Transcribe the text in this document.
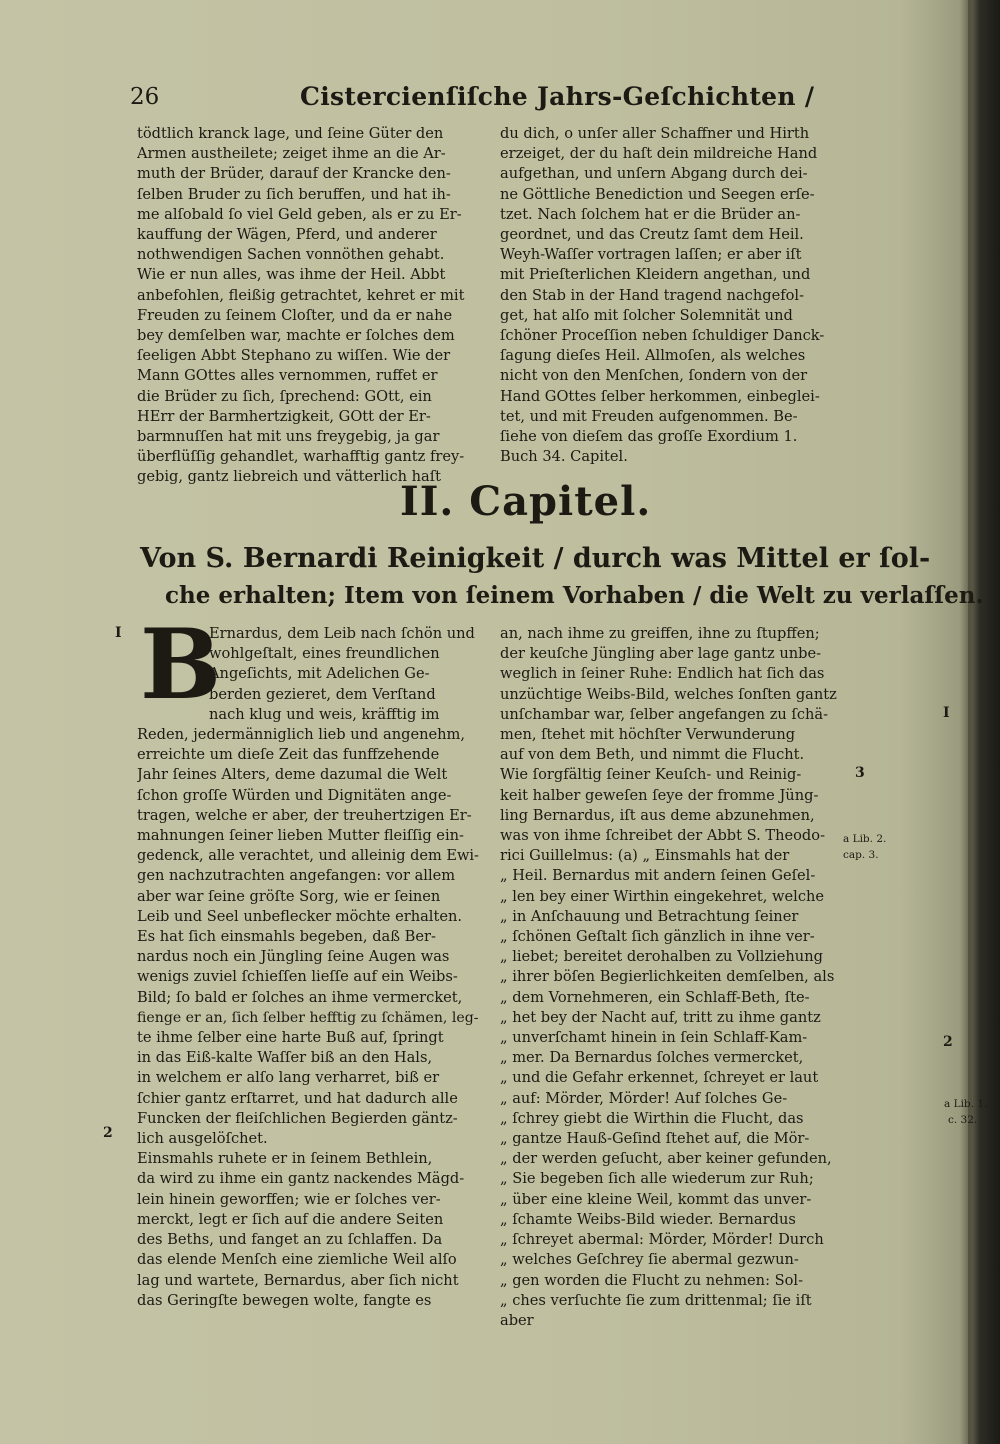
26	Cistercienſiſche Jahrs-Geſchichten /
tödtlich kranck lage, und ſeine Güter den
Armen austheilete; zeiget ihme an die Ar-
muth der Brüder, darauf der Krancke den-
ſelben Bruder zu ſich beruffen, und hat ih-
me alſobald ſo viel Geld geben, als er zu Er-
kauffung der Wägen, Pferd, und anderer
nothwendigen Sachen vonnöthen gehabt.
Wie er nun alles, was ihme der Heil. Abbt
anbefohlen, fleißig getrachtet, kehret er mit
Freuden zu ſeinem Cloſter, und da er nahe
bey demſelben war, machte er ſolches dem
ſeeligen Abbt Stephano zu wiſſen. Wie der
Mann GOttes alles vernommen, ruffet er
die Brüder zu ſich, ſprechend: GOtt, ein
HErr der Barmhertzigkeit, GOtt der Er-
barmnuſſen hat mit uns freygebig, ja gar
überflüſſig gehandlet, warhafftig gantz frey-
gebig, gantz liebreich und vätterlich haſt
du dich, o unſer aller Schaffner und Hirth
erzeiget, der du haſt dein mildreiche Hand
aufgethan, und unſern Abgang durch dei-
ne Göttliche Benediction und Seegen erſe-
tzet. Nach ſolchem hat er die Brüder an-
geordnet, und das Creutz ſamt dem Heil.
Weyh-Waſſer vortragen laſſen; er aber iſt
mit Prieſterlichen Kleidern angethan, und
den Stab in der Hand tragend nachgefol-
get, hat alſo mit ſolcher Solemnität und
ſchöner Proceſſion neben ſchuldiger Danck-
ſagung dieſes Heil. Allmoſen, als welches
nicht von den Menſchen, ſondern von der
Hand GOttes ſelber herkommen, einbeglei-
tet, und mit Freuden aufgenommen. Be-
ſiehe von dieſem das groſſe Exordium 1.
Buch 34. Capitel.
II. Capitel.
Von S. Bernardi Reinigkeit / durch was Mittel er ſol-
che erhalten; Item von ſeinem Vorhaben / die Welt zu verlaſſen.
B
Ernardus, dem Leib nach ſchön und
wohlgeſtalt, eines freundlichen
Angeſichts, mit Adelichen Ge-
berden gezieret, dem Verſtand
nach klug und weis, kräfftig im
Reden, jedermänniglich lieb und angenehm,
erreichte um dieſe Zeit das funffzehende
Jahr ſeines Alters, deme dazumal die Welt
ſchon groſſe Würden und Dignitäten ange-
tragen, welche er aber, der treuhertzigen Er-
mahnungen ſeiner lieben Mutter fleiſſig ein-
gedenck, alle verachtet, und alleinig dem Ewi-
gen nachzutrachten angefangen: vor allem
aber war ſeine gröſte Sorg, wie er ſeinen
Leib und Seel unbeflecker möchte erhalten.
Es hat ſich einsmahls begeben, daß Ber-
nardus noch ein Jüngling ſeine Augen was
wenigs zuviel ſchieſſen lieſſe auf ein Weibs-
Bild; ſo bald er ſolches an ihme vermercket,
fienge er an, ſich ſelber hefftig zu ſchämen, leg-
te ihme ſelber eine harte Buß auf, ſpringt
in das Eiß-kalte Waſſer biß an den Hals,
in welchem er alſo lang verharret, biß er
ſchier gantz erſtarret, und hat dadurch alle
Funcken der fleiſchlichen Begierden gäntz-
lich ausgelöſchet.
Einsmahls ruhete er in ſeinem Bethlein,
da wird zu ihme ein gantz nackendes Mägd-
lein hinein geworffen; wie er ſolches ver-
merckt, legt er ſich auf die andere Seiten
des Beths, und fanget an zu ſchlaffen. Da
das elende Menſch eine ziemliche Weil alſo
lag und wartete, Bernardus, aber ſich nicht
das Geringſte bewegen wolte, fangte es
an, nach ihme zu greiffen, ihne zu ſtupffen;
der keuſche Jüngling aber lage gantz unbe-
weglich in ſeiner Ruhe: Endlich hat ſich das
unzüchtige Weibs-Bild, welches ſonſten gantz
unſchambar war, ſelber angefangen zu ſchä-
men, ſtehet mit höchſter Verwunderung
auf von dem Beth, und nimmt die Flucht.
Wie ſorgfältig ſeiner Keuſch- und Reinig-
keit halber geweſen ſeye der fromme Jüng-
ling Bernardus, iſt aus deme abzunehmen,
was von ihme ſchreibet der Abbt S. Theodo-
rici Guillelmus: (a) „ Einsmahls hat der
„ Heil. Bernardus mit andern ſeinen Geſel-
„ len bey einer Wirthin eingekehret, welche
„ in Anſchauung und Betrachtung ſeiner
„ ſchönen Geſtalt ſich gänzlich in ihne ver-
„ liebet; bereitet derohalben zu Vollziehung
„ ihrer böſen Begierlichkeiten demſelben, als
„ dem Vornehmeren, ein Schlaff-Beth, ſte-
„ het bey der Nacht auf, tritt zu ihme gantz
„ unverſchamt hinein in ſein Schlaff-Kam-
„ mer. Da Bernardus ſolches vermercket,
„ und die Gefahr erkennet, ſchreyet er laut
„ auf: Mörder, Mörder! Auf ſolches Ge-
„ ſchrey giebt die Wirthin die Flucht, das
„ gantze Hauß-Geſind ſtehet auf, die Mör-
„ der werden geſucht, aber keiner gefunden,
„ Sie begeben ſich alle wiederum zur Ruh;
„ über eine kleine Weil, kommt das unver-
„ ſchamte Weibs-Bild wieder. Bernardus
„ ſchreyet abermal: Mörder, Mörder! Durch
„ welches Geſchrey ſie abermal gezwun-
„ gen worden die Flucht zu nehmen: Sol-
„ ches verſuchte ſie zum drittenmal; ſie iſt
aber
I
2
I
3
a Lib. 2.
cap. 3.
2
a Lib. 1.
c. 32.
